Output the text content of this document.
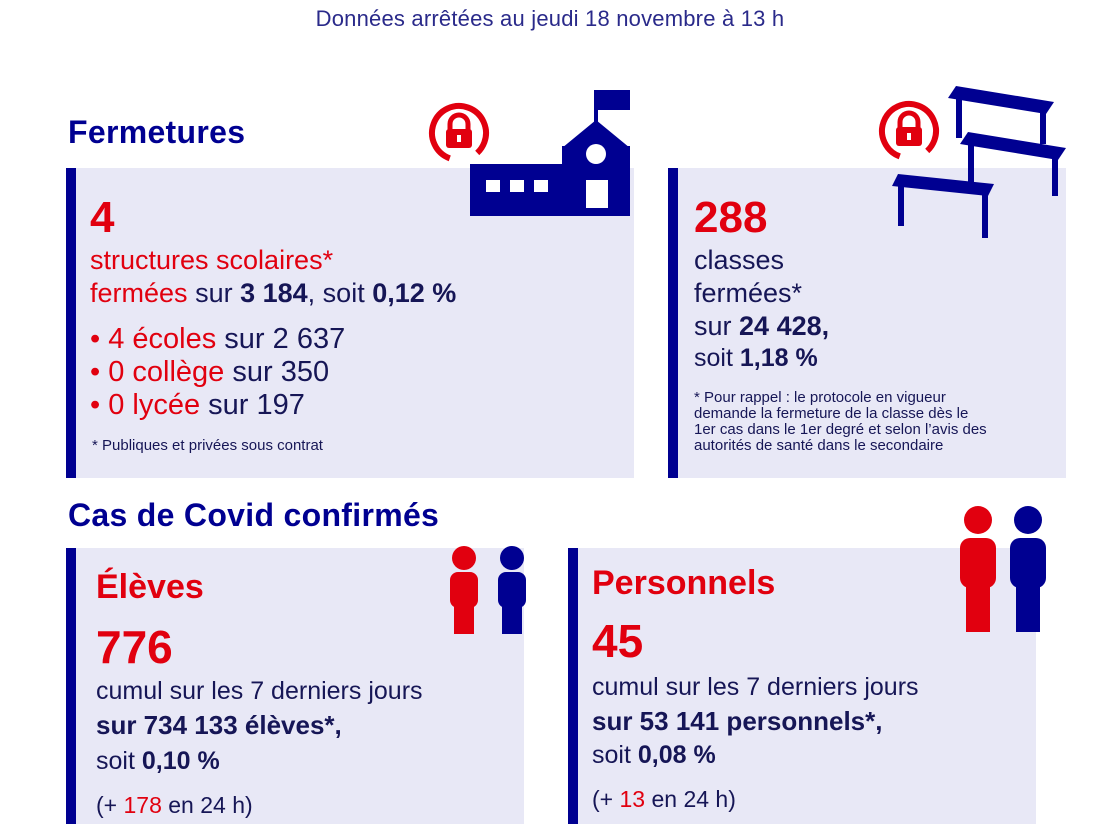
Données arrêtées au jeudi 18 novembre à 13 h
Fermetures
4
structures scolaires*
fermées sur 3 184, soit 0,12 %
• 4 écoles sur 2 637
• 0 collège sur 350
• 0 lycée sur 197
* Publiques et privées sous contrat
288
classes
fermées*
sur 24 428,
soit 1,18 %
* Pour rappel : le protocole en vigueur
demande la fermeture de la classe dès le
1er cas dans le 1er degré et selon l’avis des
autorités de santé dans le secondaire
Cas de Covid confirmés
Élèves
776
cumul sur les 7 derniers jours
sur 734 133 élèves*,
soit 0,10 %
(+ 178 en 24 h)
Personnels
45
cumul sur les 7 derniers jours
sur 53 141 personnels*,
soit 0,08 %
(+ 13 en 24 h)
